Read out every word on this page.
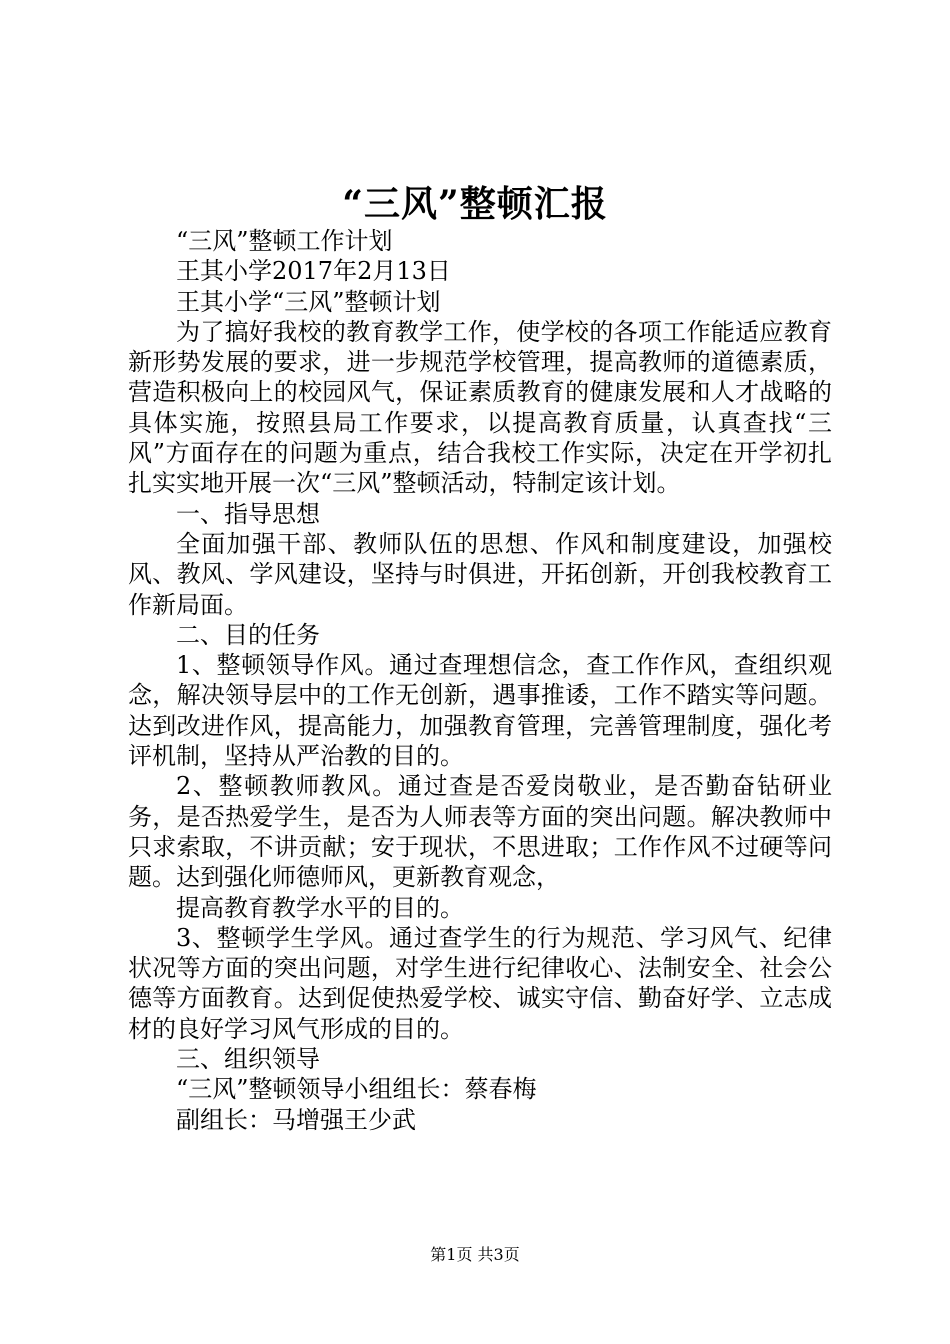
“三风”整顿汇报

“三风”整顿工作计划

王其小学2017年2月13日

王其小学“三风”整顿计划

为了搞好我校的教育教学工作，使学校的各项工作能适应教育新形势发展的要求，进一步规范学校管理，提高教师的道德素质，营造积极向上的校园风气，保证素质教育的健康发展和人才战略的具体实施，按照县局工作要求，以提高教育质量，认真查找“三风”方面存在的问题为重点，结合我校工作实际，决定在开学初扎扎实实地开展一次“三风”整顿活动，特制定该计划。

一、指导思想

全面加强干部、教师队伍的思想、作风和制度建设，加强校风、教风、学风建设，坚持与时俱进，开拓创新，开创我校教育工作新局面。

二、目的任务

1、整顿领导作风。通过查理想信念，查工作作风，查组织观念，解决领导层中的工作无创新，遇事推诿，工作不踏实等问题。达到改进作风，提高能力，加强教育管理，完善管理制度，强化考评机制，坚持从严治教的目的。

2、整顿教师教风。通过查是否爱岗敬业，是否勤奋钻研业务，是否热爱学生，是否为人师表等方面的突出问题。解决教师中只求索取，不讲贡献；安于现状，不思进取；工作作风不过硬等问题。达到强化师德师风，更新教育观念，

提高教育教学水平的目的。

3、整顿学生学风。通过查学生的行为规范、学习风气、纪律状况等方面的突出问题，对学生进行纪律收心、法制安全、社会公德等方面教育。达到促使热爱学校、诚实守信、勤奋好学、立志成材的良好学习风气形成的目的。

三、组织领导

“三风”整顿领导小组组长：蔡春梅

副组长：马增强王少武

第1页 共3页
